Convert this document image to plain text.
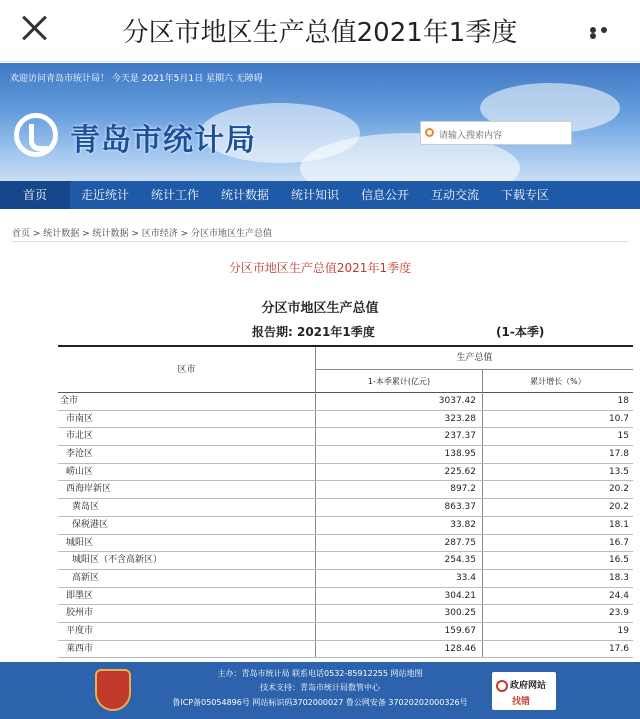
分区市地区生产总值2021年1季度
欢迎访问青岛市统计局！ 今天是 2021年5月1日 星期六 无障碍
青岛市统计局	请输入搜索内容
首页	走近统计	统计工作	统计数据	统计知识	信息公开	互动交流	下载专区
首页 > 统计数据 > 统计数据 > 区市经济 > 分区市地区生产总值
分区市地区生产总值2021年1季度
分区市地区生产总值
报告期: 2021年1季度	(1-本季)
区市
生产总值
1-本季累计(亿元)	累计增长（%）
全市	3037.42	18
市南区	323.28	10.7
市北区	237.37	15
李沧区	138.95	17.8
崂山区	225.62	13.5
西海岸新区	897.2	20.2
黄岛区	863.37	20.2
保税港区	33.82	18.1
城阳区	287.75	16.7
城阳区（不含高新区）	254.35	16.5
高新区	33.4	18.3
即墨区	304.21	24.4
胶州市	300.25	23.9
平度市	159.67	19
莱西市	128.46	17.6
主办：青岛市统计局 联系电话0532-85912255 网站地图
技术支持：青岛市统计局数管中心
鲁ICP备05054896号 网站标识码3702000027 鲁公网安备 37020202000326号
政府网站
找错
